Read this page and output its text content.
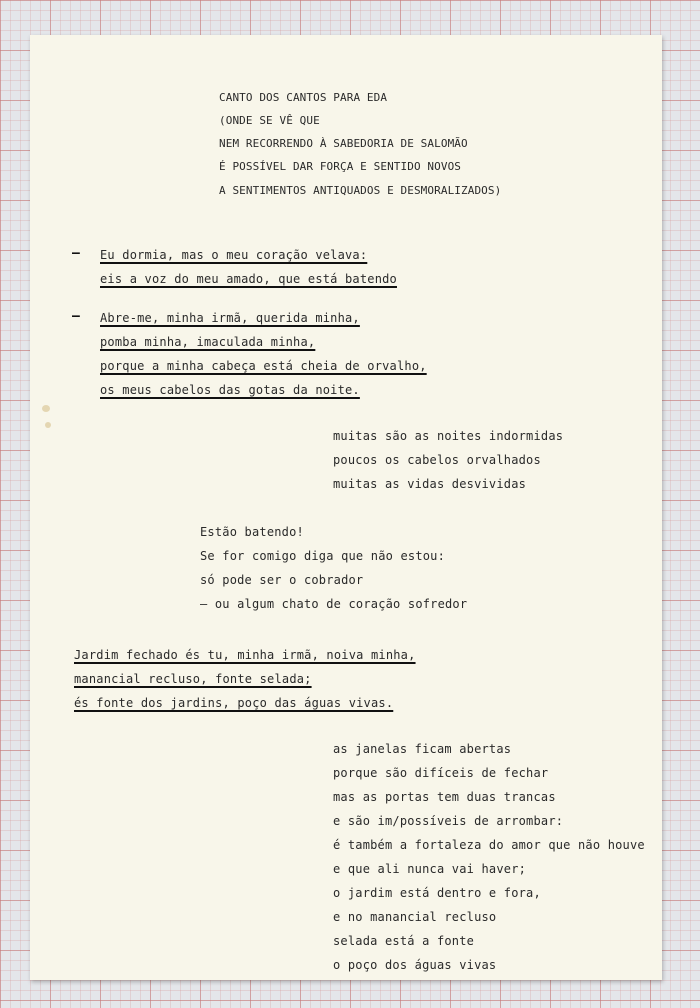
CANTO DOS CANTOS PARA EDA

(ONDE SE VÊ QUE

NEM RECORRENDO À SABEDORIA DE SALOMÃO

É POSSÍVEL DAR FORÇA E SENTIDO NOVOS

A SENTIMENTOS ANTIQUADOS E DESMORALIZADOS)

— Eu dormia, mas o meu coração velava:

eis a voz do meu amado, que está batendo

— Abre-me, minha irmã, querida minha,

pomba minha, imaculada minha,

porque a minha cabeça está cheia de orvalho,

os meus cabelos das gotas da noite.

muitas são as noites indormidas

poucos os cabelos orvalhados

muitas as vidas desvividas

Estão batendo!

Se for comigo diga que não estou:

só pode ser o cobrador

— ou algum chato de coração sofredor

Jardim fechado és tu, minha irmã, noiva minha,

manancial recluso, fonte selada;

és fonte dos jardins, poço das águas vivas.

as janelas ficam abertas

porque são difíceis de fechar

mas as portas tem duas trancas

e são im/possíveis de arrombar:

é também a fortaleza do amor que não houve

e que ali nunca vai haver;

o jardim está dentro e fora,

e no manancial recluso

selada está a fonte

o poço dos águas vivas
